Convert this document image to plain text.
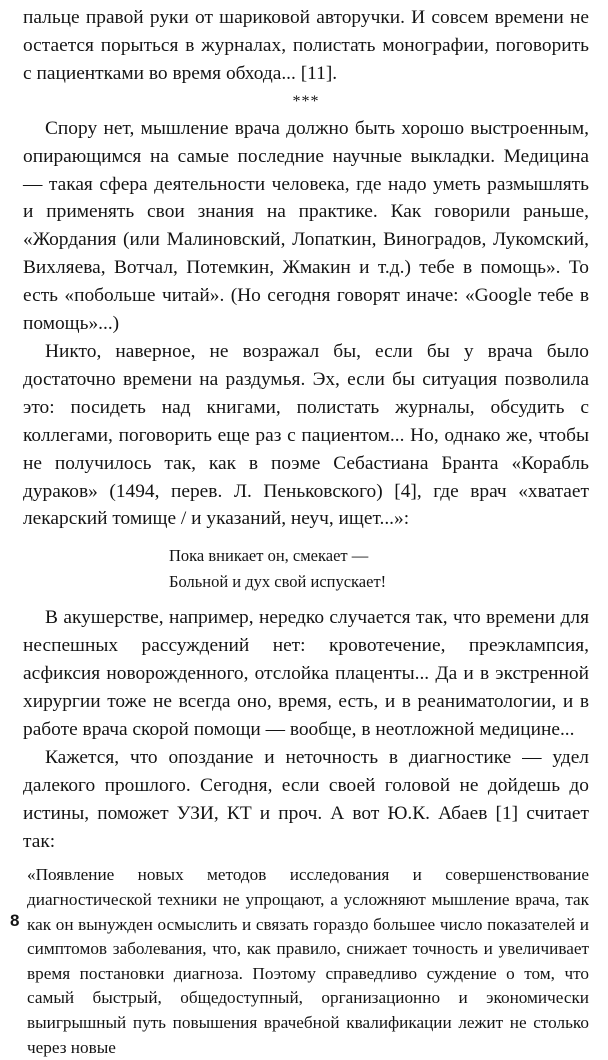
пальце правой руки от шариковой авторучки. И совсем времени не остается порыться в журналах, полистать монографии, поговорить с пациентками во время обхода... [11].

***

Спору нет, мышление врача должно быть хорошо выстроенным, опирающимся на самые последние научные выкладки. Медицина — такая сфера деятельности человека, где надо уметь размышлять и применять свои знания на практике. Как говорили раньше, «Жордания (или Малиновский, Лопаткин, Виноградов, Лукомский, Вихляева, Вотчал, Потемкин, Жмакин и т.д.) тебе в помощь». То есть «побольше читай». (Но сегодня говорят иначе: «Google тебе в помощь»...)

Никто, наверное, не возражал бы, если бы у врача было достаточно времени на раздумья. Эх, если бы ситуация позволила это: посидеть над книгами, полистать журналы, обсудить с коллегами, поговорить еще раз с пациентом... Но, однако же, чтобы не получилось так, как в поэме Себастиана Бранта «Корабль дураков» (1494, перев. Л. Пеньковского) [4], где врач «хватает лекарский томище / и указаний, неуч, ищет...»:

Пока вникает он, смекает —
Больной и дух свой испускает!

В акушерстве, например, нередко случается так, что времени для неспешных рассуждений нет: кровотечение, преэклампсия, асфиксия новорожденного, отслойка плаценты... Да и в экстренной хирургии тоже не всегда оно, время, есть, и в реаниматологии, и в работе врача скорой помощи — вообще, в неотложной медицине...

Кажется, что опоздание и неточность в диагностике — удел далекого прошлого. Сегодня, если своей головой не дойдешь до истины, поможет УЗИ, КТ и проч. А вот Ю.К. Абаев [1] считает так:

«Появление новых методов исследования и совершенствование диагностической техники не упрощают, а усложняют мышление врача, так как он вынужден осмыслить и связать гораздо большее число показателей и симптомов заболевания, что, как правило, снижает точность и увеличивает время постановки диагноза. Поэтому справедливо суждение о том, что самый быстрый, общедоступный, организационно и экономически выигрышный путь повышения врачебной квалификации лежит не столько через новые

8
